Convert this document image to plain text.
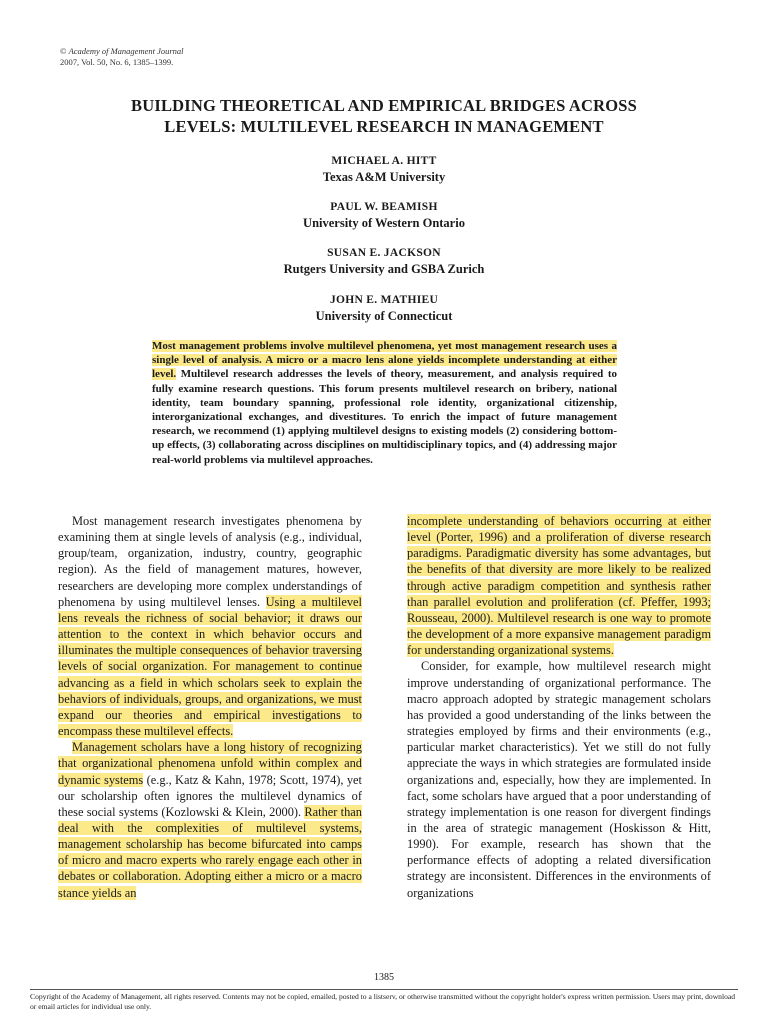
© Academy of Management Journal
2007, Vol. 50, No. 6, 1385–1399.
BUILDING THEORETICAL AND EMPIRICAL BRIDGES ACROSS
LEVELS: MULTILEVEL RESEARCH IN MANAGEMENT
MICHAEL A. HITT
Texas A&M University
PAUL W. BEAMISH
University of Western Ontario
SUSAN E. JACKSON
Rutgers University and GSBA Zurich
JOHN E. MATHIEU
University of Connecticut
Most management problems involve multilevel phenomena, yet most management research uses a single level of analysis. A micro or a macro lens alone yields incomplete understanding at either level. Multilevel research addresses the levels of theory, measurement, and analysis required to fully examine research questions. This forum presents multilevel research on bribery, national identity, team boundary spanning, professional role identity, organizational citizenship, interorganizational exchanges, and divestitures. To enrich the impact of future management research, we recommend (1) applying multilevel designs to existing models (2) considering bottom-up effects, (3) collaborating across disciplines on multidisciplinary topics, and (4) addressing major real-world problems via multilevel approaches.

Most management research investigates phenomena by examining them at single levels of analysis (e.g., individual, group/team, organization, industry, country, geographic region). As the field of management matures, however, researchers are developing more complex understandings of phenomena by using multilevel lenses. Using a multilevel lens reveals the richness of social behavior; it draws our attention to the context in which behavior occurs and illuminates the multiple consequences of behavior traversing levels of social organization. For management to continue advancing as a field in which scholars seek to explain the behaviors of individuals, groups, and organizations, we must expand our theories and empirical investigations to encompass these multilevel effects.

Management scholars have a long history of recognizing that organizational phenomena unfold within complex and dynamic systems (e.g., Katz & Kahn, 1978; Scott, 1974), yet our scholarship often ignores the multilevel dynamics of these social systems (Kozlowski & Klein, 2000). Rather than deal with the complexities of multilevel systems, management scholarship has become bifurcated into camps of micro and macro experts who rarely engage each other in debates or collaboration. Adopting either a micro or a macro stance yields an

incomplete understanding of behaviors occurring at either level (Porter, 1996) and a proliferation of diverse research paradigms. Paradigmatic diversity has some advantages, but the benefits of that diversity are more likely to be realized through active paradigm competition and synthesis rather than parallel evolution and proliferation (cf. Pfeffer, 1993; Rousseau, 2000). Multilevel research is one way to promote the development of a more expansive management paradigm for understanding organizational systems.

Consider, for example, how multilevel research might improve understanding of organizational performance. The macro approach adopted by strategic management scholars has provided a good understanding of the links between the strategies employed by firms and their environments (e.g., particular market characteristics). Yet we still do not fully appreciate the ways in which strategies are formulated inside organizations and, especially, how they are implemented. In fact, some scholars have argued that a poor understanding of strategy implementation is one reason for divergent findings in the area of strategic management (Hoskisson & Hitt, 1990). For example, research has shown that the performance effects of adopting a related diversification strategy are inconsistent. Differences in the environments of organizations

1385
Copyright of the Academy of Management, all rights reserved. Contents may not be copied, emailed, posted to a listserv, or otherwise transmitted without the copyright holder's express written permission. Users may print, download or email articles for individual use only.
